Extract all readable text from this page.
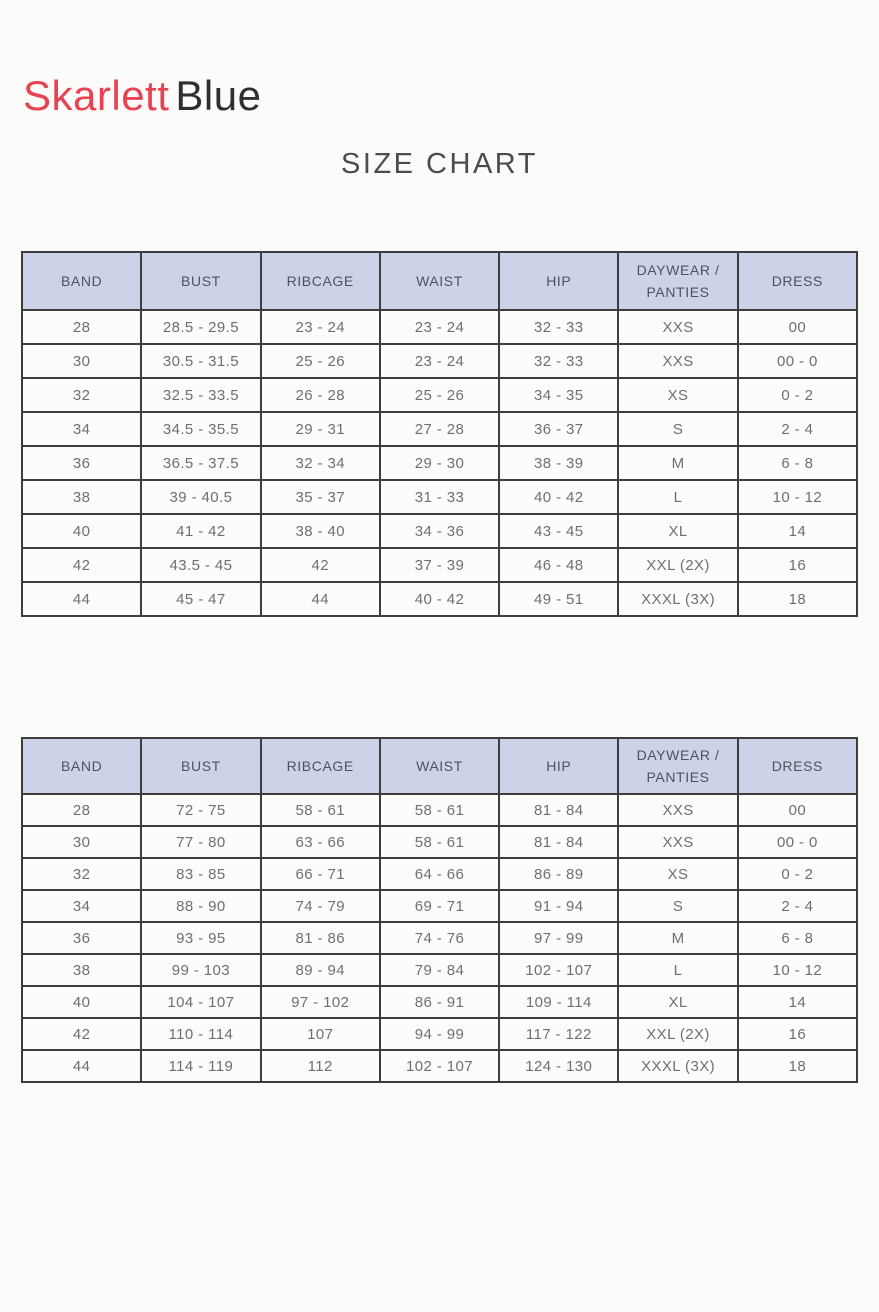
Skarlett Blue
SIZE CHART
BAND	BUST	RIBCAGE	WAIST	HIP	DAYWEAR / PANTIES	DRESS
28	28.5 - 29.5	23 - 24	23 - 24	32 - 33	XXS	00
30	30.5 - 31.5	25 - 26	23 - 24	32 - 33	XXS	00 - 0
32	32.5 - 33.5	26 - 28	25 - 26	34 - 35	XS	0 - 2
34	34.5 - 35.5	29 - 31	27 - 28	36 - 37	S	2 - 4
36	36.5 - 37.5	32 - 34	29 - 30	38 - 39	M	6 - 8
38	39 - 40.5	35 - 37	31 - 33	40 - 42	L	10 - 12
40	41 - 42	38 - 40	34 - 36	43 - 45	XL	14
42	43.5 - 45	42	37 - 39	46 - 48	XXL (2X)	16
44	45 - 47	44	40 - 42	49 - 51	XXXL (3X)	18
BAND	BUST	RIBCAGE	WAIST	HIP	DAYWEAR / PANTIES	DRESS
28	72 - 75	58 - 61	58 - 61	81 - 84	XXS	00
30	77 - 80	63 - 66	58 - 61	81 - 84	XXS	00 - 0
32	83 - 85	66 - 71	64 - 66	86 - 89	XS	0 - 2
34	88 - 90	74 - 79	69 - 71	91 - 94	S	2 - 4
36	93 - 95	81 - 86	74 - 76	97 - 99	M	6 - 8
38	99 - 103	89 - 94	79 - 84	102 - 107	L	10 - 12
40	104 - 107	97 - 102	86 - 91	109 - 114	XL	14
42	110 - 114	107	94 - 99	117 - 122	XXL (2X)	16
44	114 - 119	112	102 - 107	124 - 130	XXXL (3X)	18
